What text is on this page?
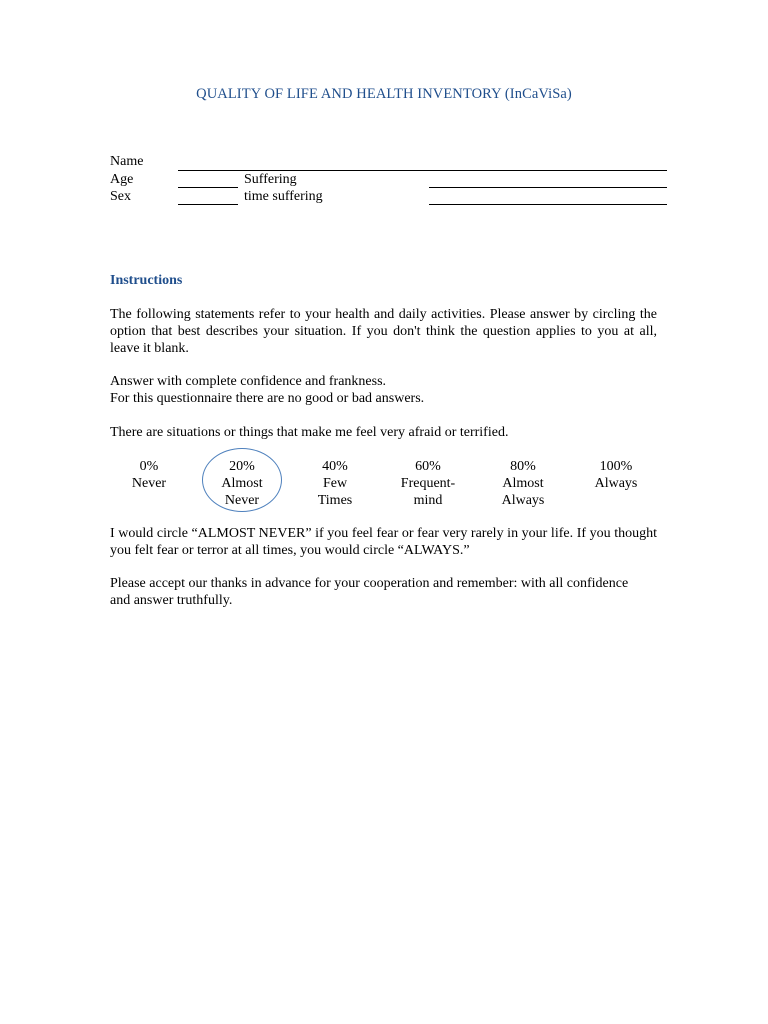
QUALITY OF LIFE AND HEALTH INVENTORY (InCaViSa)
Name
Age	Suffering
Sex	time suffering
Instructions

The following statements refer to your health and daily activities. Please answer by circling the option that best describes your situation. If you don't think the question applies to you at all, leave it blank.

Answer with complete confidence and frankness.

For this questionnaire there are no good or bad answers.

There are situations or things that make me feel very afraid or terrified.

0%
Never
20%
Almost
Never
40%
Few
Times
60%
Frequent-
mind
80%
Almost
Always
100%
Always

I would circle “ALMOST NEVER” if you feel fear or fear very rarely in your life. If you thought you felt fear or terror at all times, you would circle “ALWAYS.”

Please accept our thanks in advance for your cooperation and remember: with all confidence and answer truthfully.
